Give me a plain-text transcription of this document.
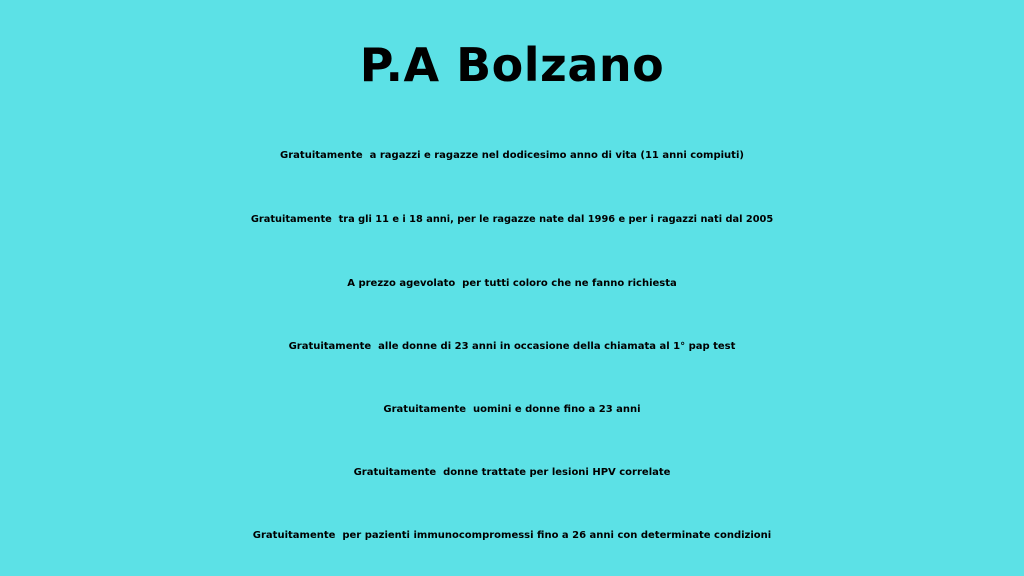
P.A Bolzano
Gratuitamente  a ragazzi e ragazze nel dodicesimo anno di vita (11 anni compiuti)
Gratuitamente  tra gli 11 e i 18 anni, per le ragazze nate dal 1996 e per i ragazzi nati dal 2005
A prezzo agevolato  per tutti coloro che ne fanno richiesta
Gratuitamente  alle donne di 23 anni in occasione della chiamata al 1° pap test
Gratuitamente  uomini e donne fino a 23 anni
Gratuitamente  donne trattate per lesioni HPV correlate
Gratuitamente  per pazienti immunocompromessi fino a 26 anni con determinate condizioni
